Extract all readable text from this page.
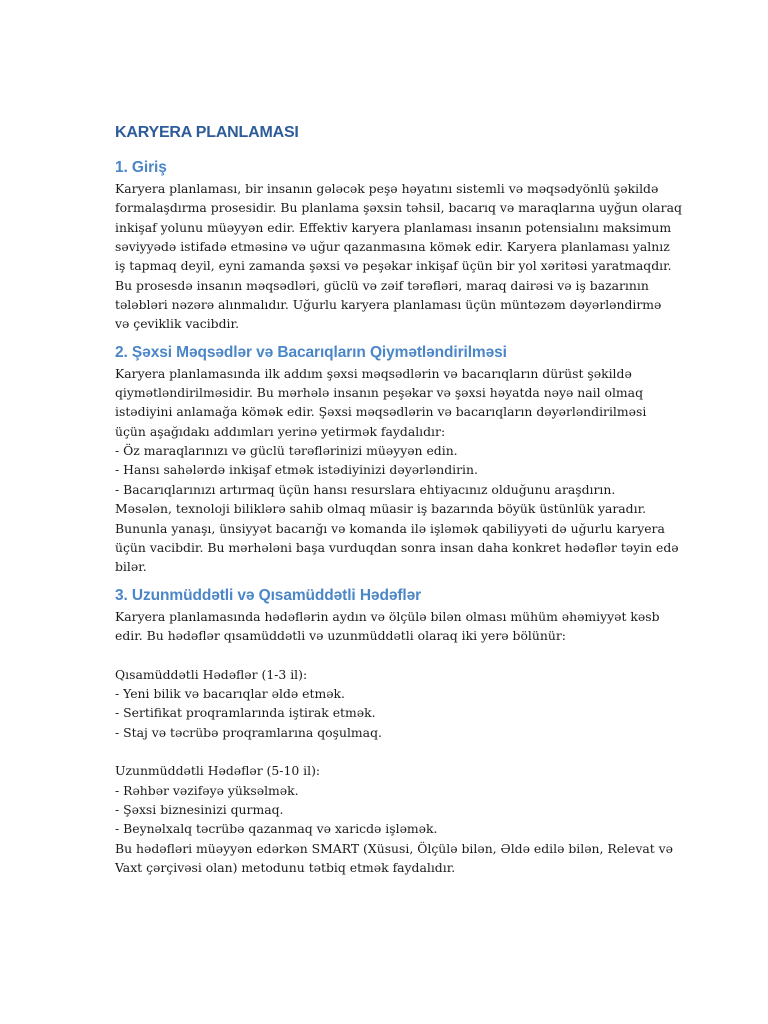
KARYERA PLANLAMASI
1. Giriş
Karyera planlaması, bir insanın gələcək peşə həyatını sistemli və məqsədyönlü şəkildə
formalaşdırma prosesidir. Bu planlama şəxsin təhsil, bacarıq və maraqlarına uyğun olaraq
inkişaf yolunu müəyyən edir. Effektiv karyera planlaması insanın potensialını maksimum
səviyyədə istifadə etməsinə və uğur qazanmasına kömək edir. Karyera planlaması yalnız
iş tapmaq deyil, eyni zamanda şəxsi və peşəkar inkişaf üçün bir yol xəritəsi yaratmaqdır.
Bu prosesdə insanın məqsədləri, güclü və zəif tərəfləri, maraq dairəsi və iş bazarının
tələbləri nəzərə alınmalıdır. Uğurlu karyera planlaması üçün müntəzəm dəyərləndirmə
və çeviklik vacibdir.
2. Şəxsi Məqsədlər və Bacarıqların Qiymətləndirilməsi
Karyera planlamasında ilk addım şəxsi məqsədlərin və bacarıqların dürüst şəkildə
qiymətləndirilməsidir. Bu mərhələ insanın peşəkar və şəxsi həyatda nəyə nail olmaq
istədiyini anlamağa kömək edir. Şəxsi məqsədlərin və bacarıqların dəyərləndirilməsi
üçün aşağıdakı addımları yerinə yetirmək faydalıdır:
- Öz maraqlarınızı və güclü tərəflərinizi müəyyən edin.
- Hansı sahələrdə inkişaf etmək istədiyinizi dəyərləndirin.
- Bacarıqlarınızı artırmaq üçün hansı resurslara ehtiyacınız olduğunu araşdırın.
Məsələn, texnoloji biliklərə sahib olmaq müasir iş bazarında böyük üstünlük yaradır.
Bununla yanaşı, ünsiyyət bacarığı və komanda ilə işləmək qabiliyyəti də uğurlu karyera
üçün vacibdir. Bu mərhələni başa vurduqdan sonra insan daha konkret hədəflər təyin edə
bilər.
3. Uzunmüddətli və Qısamüddətli Hədəflər
Karyera planlamasında hədəflərin aydın və ölçülə bilən olması mühüm əhəmiyyət kəsb
edir. Bu hədəflər qısamüddətli və uzunmüddətli olaraq iki yerə bölünür:
Qısamüddətli Hədəflər (1-3 il):
- Yeni bilik və bacarıqlar əldə etmək.
- Sertifikat proqramlarında iştirak etmək.
- Staj və təcrübə proqramlarına qoşulmaq.
Uzunmüddətli Hədəflər (5-10 il):
- Rəhbər vəzifəyə yüksəlmək.
- Şəxsi biznesinizi qurmaq.
- Beynəlxalq təcrübə qazanmaq və xaricdə işləmək.
Bu hədəfləri müəyyən edərkən SMART (Xüsusi, Ölçülə bilən, Əldə edilə bilən, Relevat və
Vaxt çərçivəsi olan) metodunu tətbiq etmək faydalıdır.
